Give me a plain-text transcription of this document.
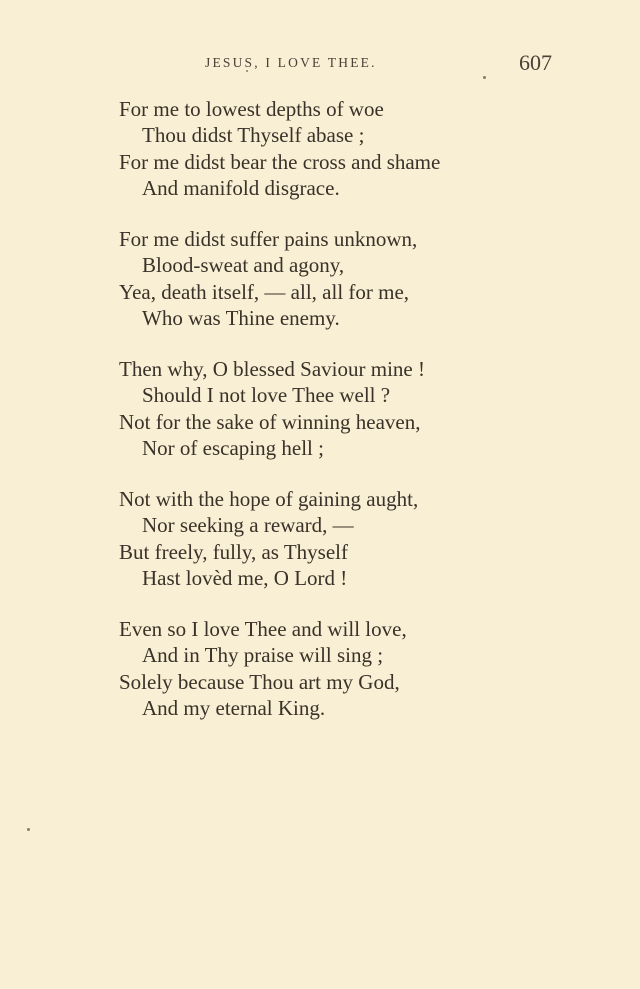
JESUS, I LOVE THEE.	607
For me to lowest depths of woe
Thou didst Thyself abase ;
For me didst bear the cross and shame
And manifold disgrace.
For me didst suffer pains unknown,
Blood-sweat and agony,
Yea, death itself, — all, all for me,
Who was Thine enemy.
Then why, O blessed Saviour mine !
Should I not love Thee well ?
Not for the sake of winning heaven,
Nor of escaping hell ;
Not with the hope of gaining aught,
Nor seeking a reward, —
But freely, fully, as Thyself
Hast lovèd me, O Lord !
Even so I love Thee and will love,
And in Thy praise will sing ;
Solely because Thou art my God,
And my eternal King.
